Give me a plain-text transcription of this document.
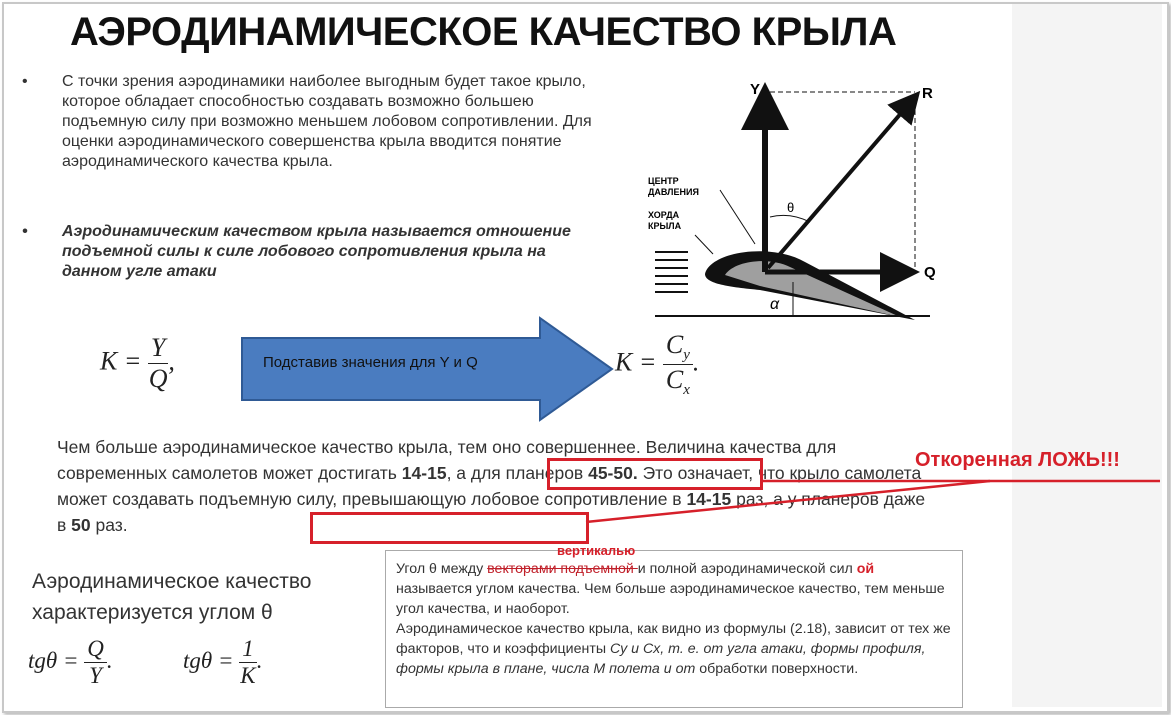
АЭРОДИНАМИЧЕСКОЕ КАЧЕСТВО КРЫЛА
• С точки зрения аэродинамики наиболее выгодным будет такое крыло, которое обладает способностью создавать возможно большею подъемную силу при возможно меньшем лобовом сопротивлении. Для оценки аэродинамического совершенства крыла вводится понятие аэродинамического качества крыла.
• Аэродинамическим качеством крыла называется отношение подъемной силы к силе лобового сопротивления крыла на данном угле атаки
Y	R
Q
θ
α
ЦЕНТР
ДАВЛЕНИЯ
ХОРДА
КРЫЛА
$K = \frac{Y}{Q}$ ,	Подставив значения для Y и Q	$K = \frac{C_y}{C_x}$ .
Чем больше аэродинамическое качество крыла, тем оно совершеннее. Величина качества для современных самолетов может достигать 14-15, а для планеров 45-50. Это означает, что крыло самолета может создавать подъемную силу, превышающую лобовое сопротивление в 14-15 раз, а у планеров даже в 50 раз.
Откоренная ЛОЖЬ!!!
Аэродинамическое качество
характеризуется углом θ
$tg\theta = \frac{Q}{Y}$ .	$tg\theta = \frac{1}{K}$ .
Угол θ между векторами подъемной и полной аэродинамической сил ой
называется углом качества. Чем больше аэродинамическое качество, тем меньше угол качества, и наоборот.
Аэродинамическое качество крыла, как видно из формулы (2.18), зависит от тех же факторов, что и коэффициенты Су и Сх, т. е. от угла атаки, формы профиля, формы крыла в плане, числа М полета и от обработки поверхности.
вертикалью
